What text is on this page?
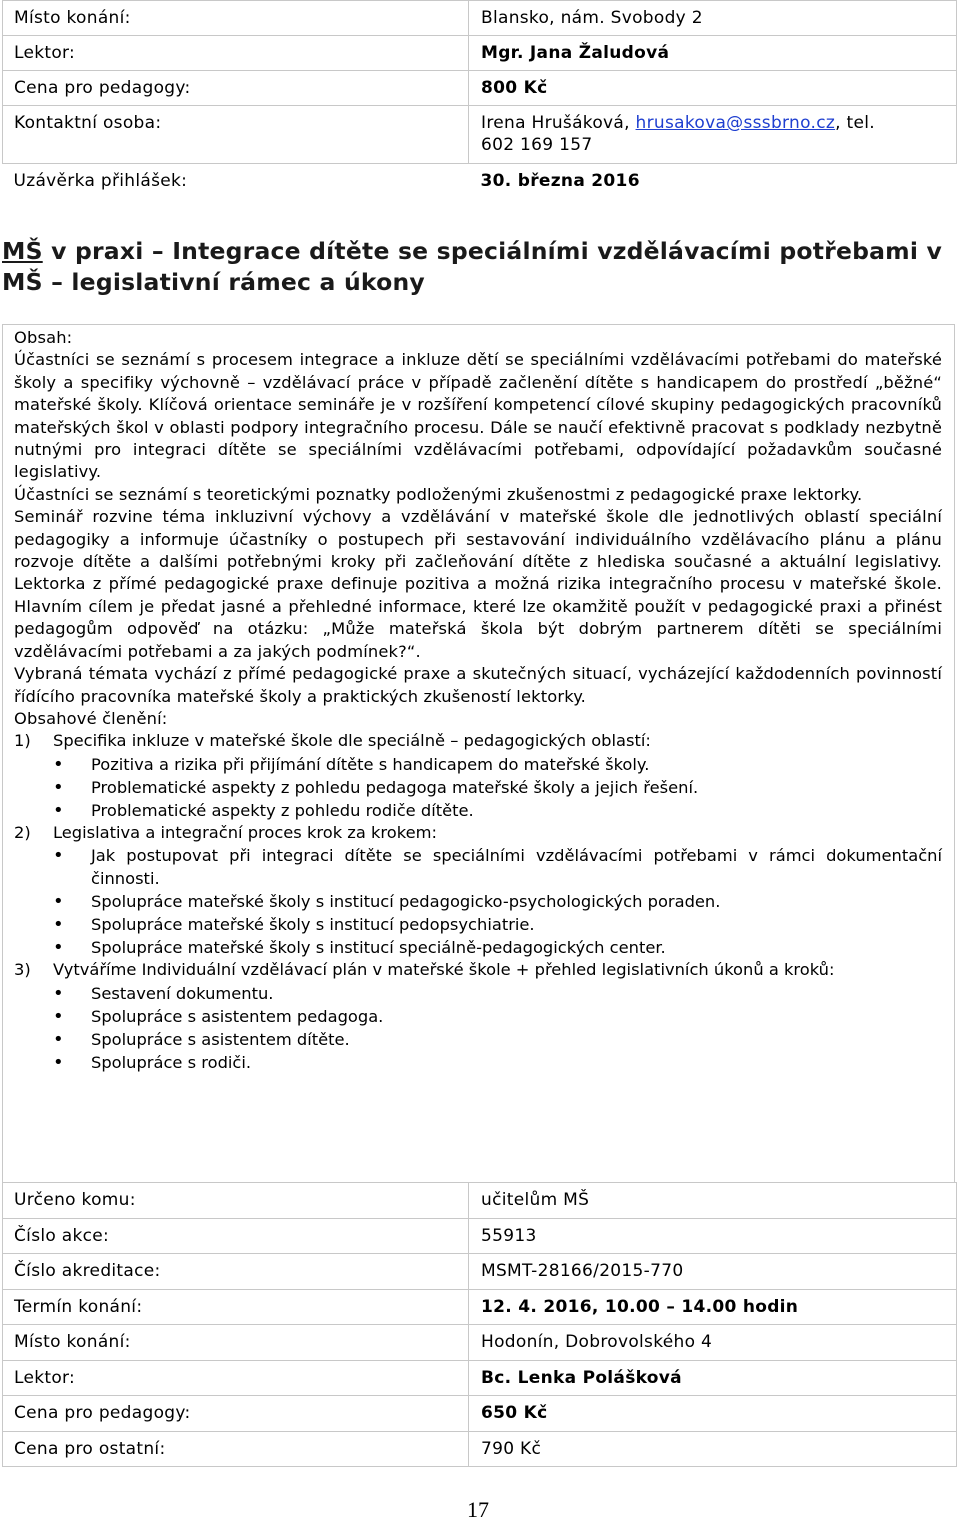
Místo konání:	Blansko, nám. Svobody 2
Lektor:	Mgr. Jana Žaludová
Cena pro pedagogy:	800 Kč
Kontaktní osoba:	Irena Hrušáková, hrusakova@sssbrno.cz, tel.
602 169 157
Uzávěrka přihlášek:	30. března 2016
MŠ v praxi – Integrace dítěte se speciálními vzdělávacími potřebami v MŠ – legislativní rámec a úkony

Obsah:

Účastníci se seznámí s procesem integrace a inkluze dětí se speciálními vzdělávacími potřebami do mateřské školy a specifiky výchovně – vzdělávací práce v případě začlenění dítěte s handicapem do prostředí „běžné“ mateřské školy. Klíčová orientace semináře je v rozšíření kompetencí cílové skupiny pedagogických pracovníků mateřských škol v oblasti podpory integračního procesu. Dále se naučí efektivně pracovat s podklady nezbytně nutnými pro integraci dítěte se speciálními vzdělávacími potřebami, odpovídající požadavkům současné legislativy.

Účastníci se seznámí s teoretickými poznatky podloženými zkušenostmi z pedagogické praxe lektorky.

Seminář rozvine téma inkluzivní výchovy a vzdělávání v mateřské škole dle jednotlivých oblastí speciální pedagogiky a informuje účastníky o postupech při sestavování individuálního vzdělávacího plánu a plánu rozvoje dítěte a dalšími potřebnými kroky při začleňování dítěte z hlediska současné a aktuální legislativy. Lektorka z přímé pedagogické praxe definuje pozitiva a možná rizika integračního procesu v mateřské škole. Hlavním cílem je předat jasné a přehledné informace, které lze okamžitě použít v pedagogické praxi a přinést pedagogům odpověď na otázku: „Může mateřská škola být dobrým partnerem dítěti se speciálními vzdělávacími potřebami a za jakých podmínek?“.

Vybraná témata vychází z přímé pedagogické praxe a skutečných situací, vycházející každodenních povinností řídícího pracovníka mateřské školy a praktických zkušeností lektorky.

Obsahové členění:

1) Specifika inkluze v mateřské škole dle speciálně – pedagogických oblastí:
• Pozitiva a rizika při přijímání dítěte s handicapem do mateřské školy.
• Problematické aspekty z pohledu pedagoga mateřské školy a jejich řešení.
• Problematické aspekty z pohledu rodiče dítěte.
2) Legislativa a integrační proces krok za krokem:
• Jak postupovat při integraci dítěte se speciálními vzdělávacími potřebami v rámci dokumentační činnosti.
• Spolupráce mateřské školy s institucí pedagogicko-psychologických poraden.
• Spolupráce mateřské školy s institucí pedopsychiatrie.
• Spolupráce mateřské školy s institucí speciálně-pedagogických center.
3) Vytváříme Individuální vzdělávací plán v mateřské škole + přehled legislativních úkonů a kroků:
• Sestavení dokumentu.
• Spolupráce s asistentem pedagoga.
• Spolupráce s asistentem dítěte.
• Spolupráce s rodiči.
Určeno komu:	učitelům MŠ
Číslo akce:	55913
Číslo akreditace:	MSMT-28166/2015-770
Termín konání:	12. 4. 2016, 10.00 – 14.00 hodin
Místo konání:	Hodonín, Dobrovolského 4
Lektor:	Bc. Lenka Polášková
Cena pro pedagogy:	650 Kč
Cena pro ostatní:	790 Kč
17
